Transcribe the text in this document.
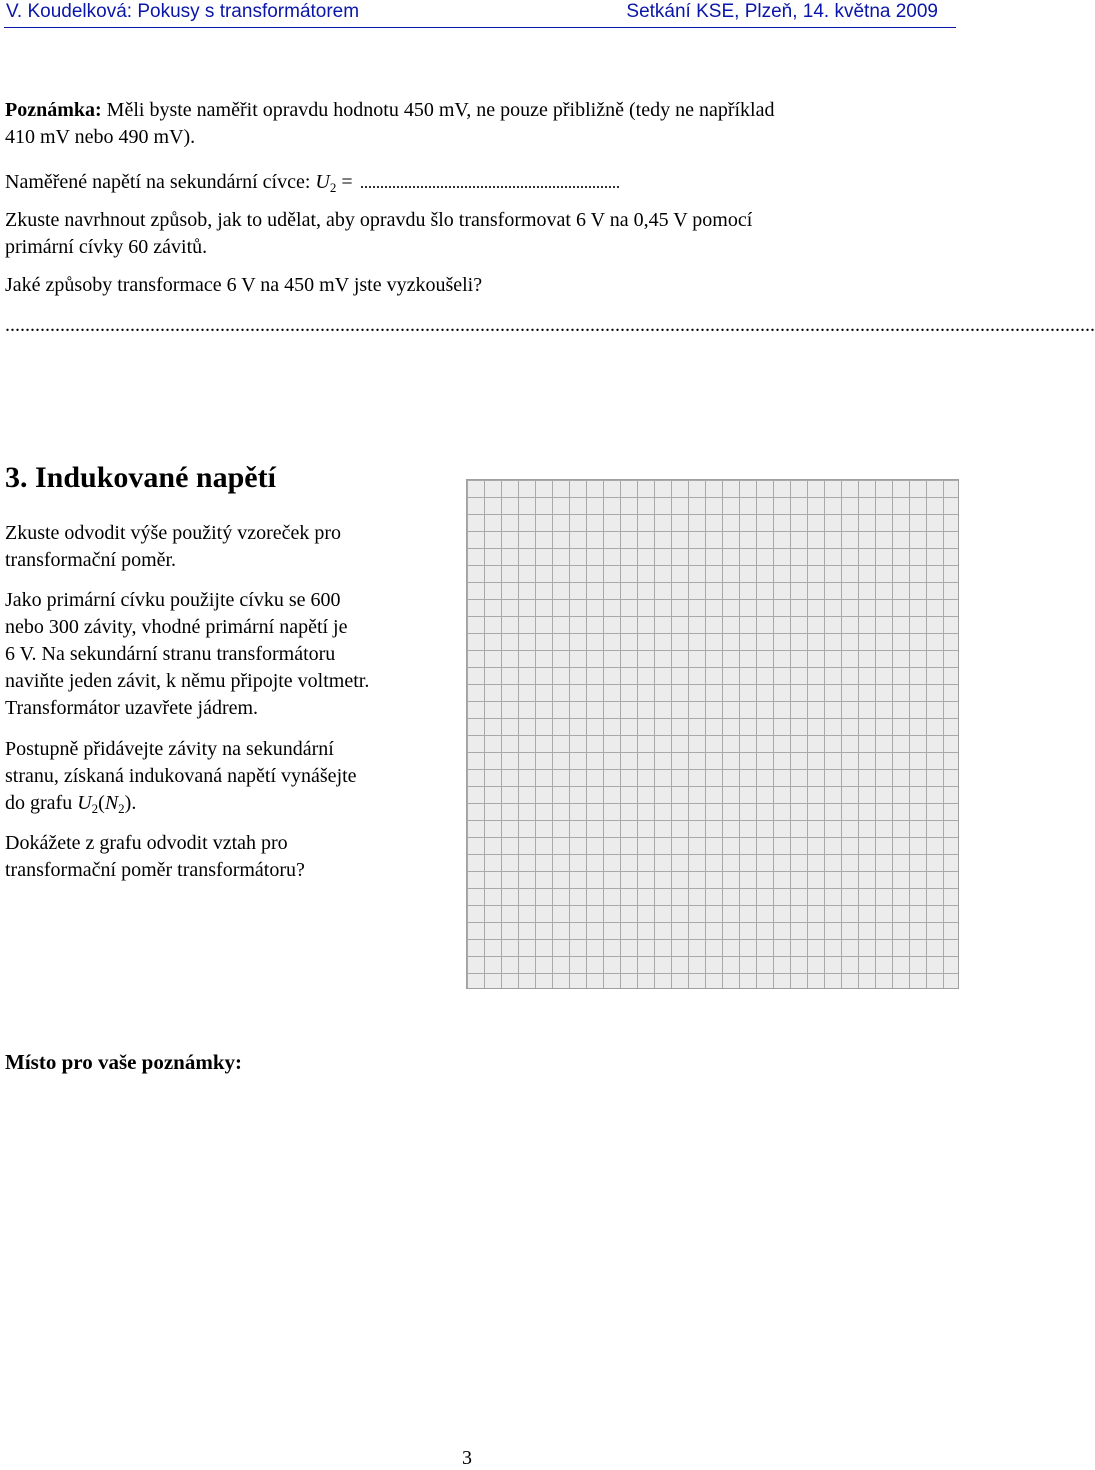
V. Koudelková: Pokusy s transformátorem	Setkání KSE, Plzeň, 14. května 2009

Poznámka: Měli byste naměřit opravdu hodnotu 450 mV, ne pouze přibližně (tedy ne například

410 mV nebo 490 mV).

Naměřené napětí na sekundární cívce: $U_2$ =

Zkuste navrhnout způsob, jak to udělat, aby opravdu šlo transformovat 6 V na 0,45 V pomocí

primární cívky 60 závitů.

Jaké způsoby transformace 6 V na 450 mV jste vyzkoušeli?

..........................................................................................................................................................................................................................
3. Indukované napětí
Zkuste odvodit výše použitý vzoreček pro
transformační poměr.
Jako primární cívku použijte cívku se 600
nebo 300 závity, vhodné primární napětí je
6 V. Na sekundární stranu transformátoru
naviňte jeden závit, k němu připojte voltmetr.
Transformátor uzavřete jádrem.
Postupně přidávejte závity na sekundární
stranu, získaná indukovaná napětí vynášejte
do grafu $U_2(N_2)$.
Dokážete z grafu odvodit vztah pro
transformační poměr transformátoru?
Místo pro vaše poznámky:
3
